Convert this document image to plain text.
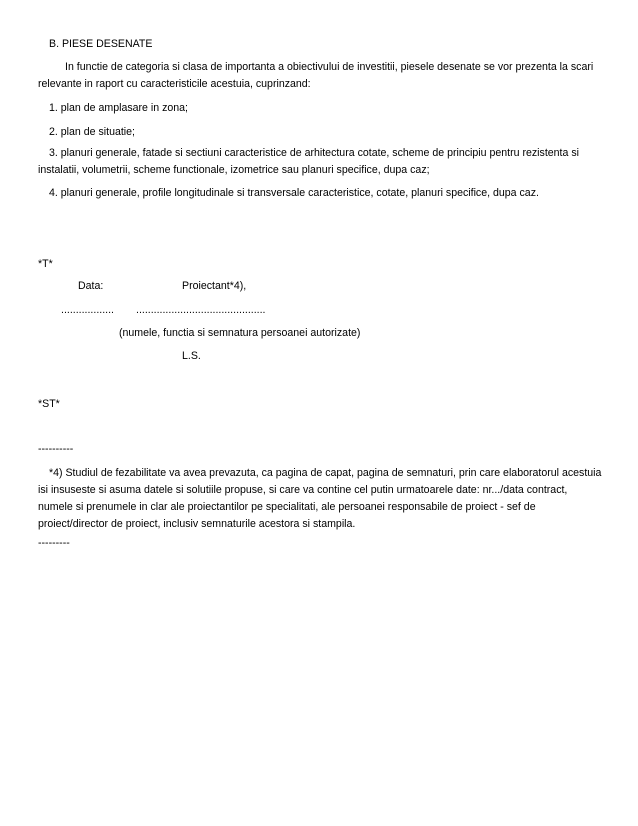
B. PIESE DESENATE
In functie de categoria si clasa de importanta a obiectivului de investitii, piesele desenate se vor prezenta la scari relevante in raport cu caracteristicile acestuia, cuprinzand:
1. plan de amplasare in zona;
2. plan de situatie;
3. planuri generale, fatade si sectiuni caracteristice de arhitectura cotate, scheme de principiu pentru rezistenta si instalatii, volumetrii, scheme functionale, izometrice sau planuri specifice, dupa caz;
4. planuri generale, profile longitudinale si transversale caracteristice, cotate, planuri specifice, dupa caz.
*T*
Data:	Proiectant*4),
.................. ............................................
(numele, functia si semnatura persoanei autorizate)
L.S.
*ST*
----------
*4) Studiul de fezabilitate va avea prevazuta, ca pagina de capat, pagina de semnaturi, prin care elaboratorul acestuia isi insuseste si asuma datele si solutiile propuse, si care va contine cel putin urmatoarele date: nr.../data contract, numele si prenumele in clar ale proiectantilor pe specialitati, ale persoanei responsabile de proiect - sef de proiect/director de proiect, inclusiv semnaturile acestora si stampila.
---------
